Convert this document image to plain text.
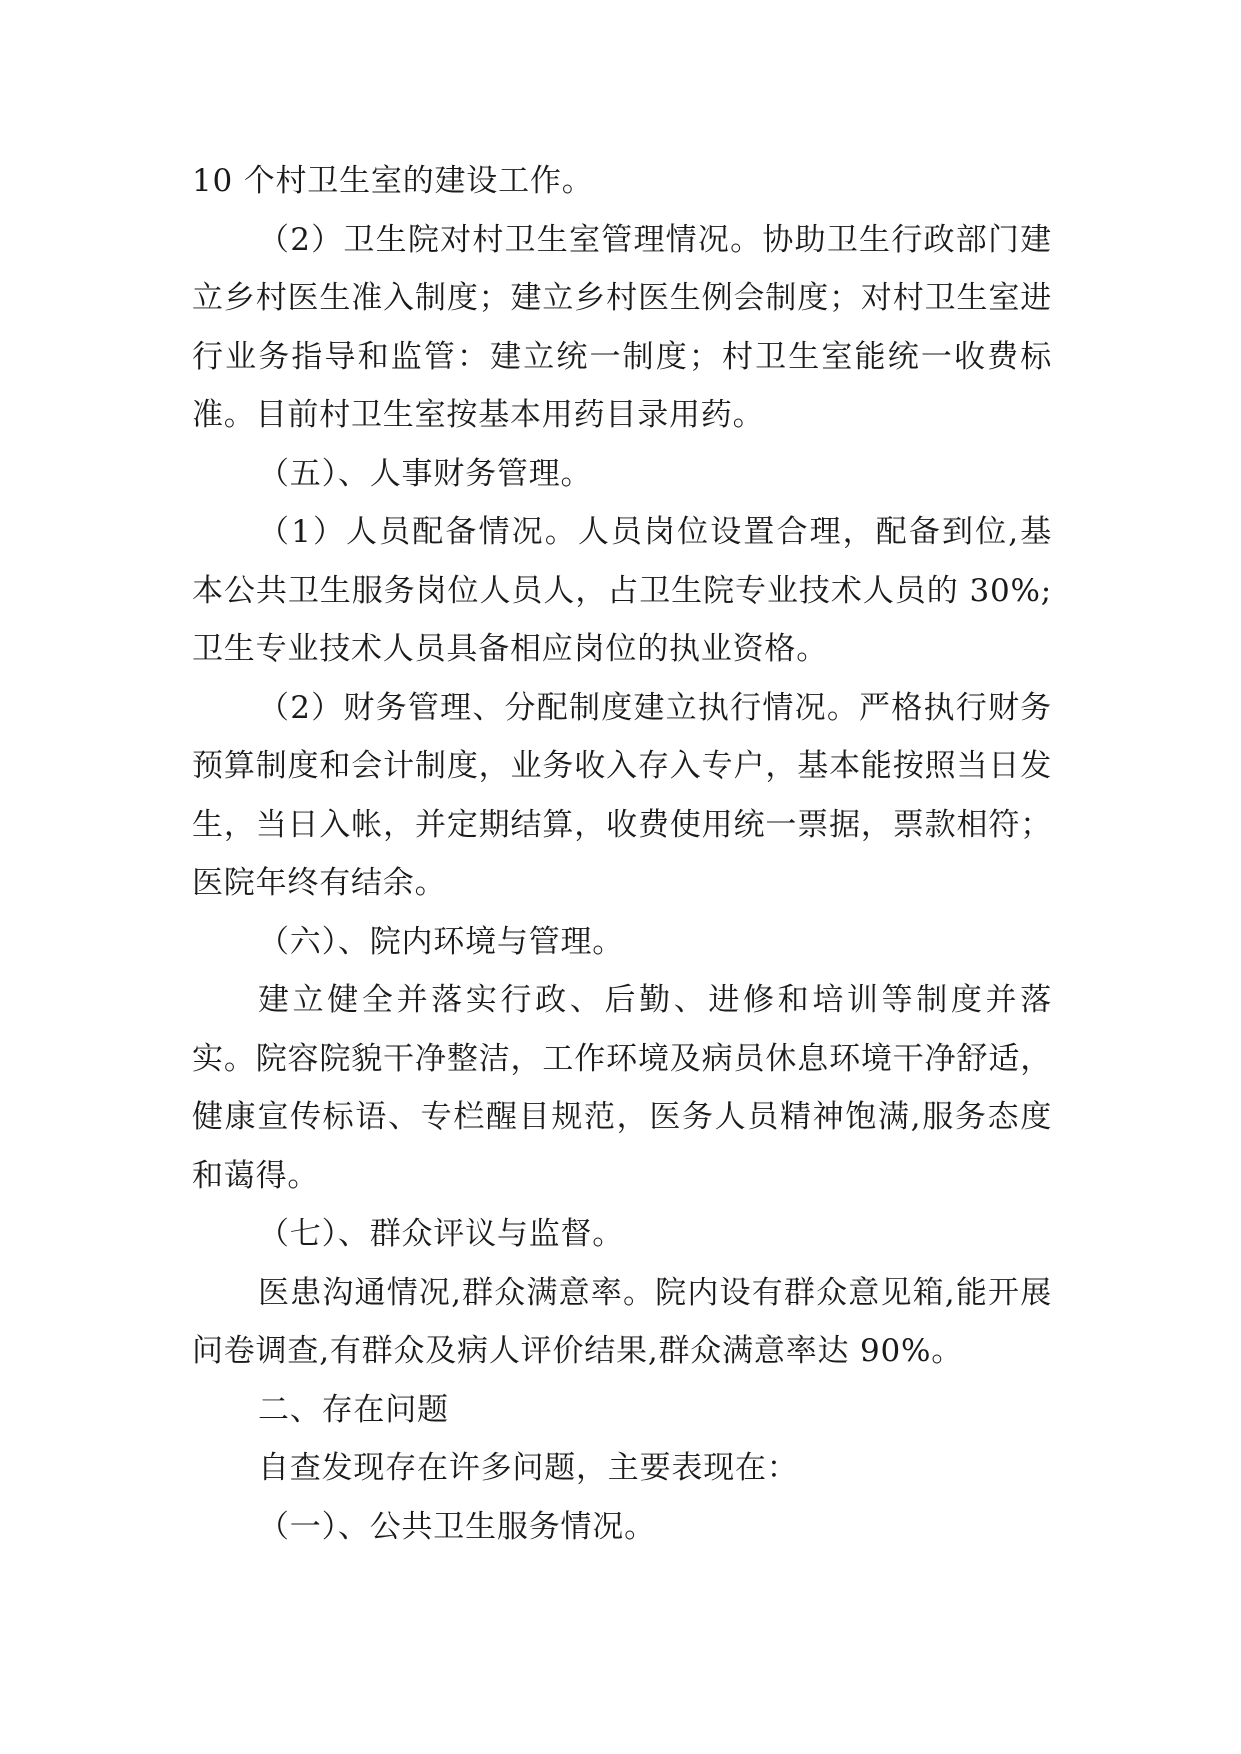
10 个村卫生室的建设工作。

（2）卫生院对村卫生室管理情况。协助卫生行政部门建立乡村医生准入制度；建立乡村医生例会制度；对村卫生室进行业务指导和监管：建立统一制度；村卫生室能统一收费标准。目前村卫生室按基本用药目录用药。

（五）、人事财务管理。

（1）人员配备情况。人员岗位设置合理，配备到位,基本公共卫生服务岗位人员人，占卫生院专业技术人员的 30%;卫生专业技术人员具备相应岗位的执业资格。

（2）财务管理、分配制度建立执行情况。严格执行财务预算制度和会计制度，业务收入存入专户，基本能按照当日发生，当日入帐，并定期结算，收费使用统一票据，票款相符；医院年终有结余。

（六）、院内环境与管理。

建立健全并落实行政、后勤、进修和培训等制度并落实。院容院貌干净整洁，工作环境及病员休息环境干净舒适，健康宣传标语、专栏醒目规范，医务人员精神饱满,服务态度和蔼得。

（七）、群众评议与监督。

医患沟通情况,群众满意率。院内设有群众意见箱,能开展问卷调查,有群众及病人评价结果,群众满意率达 90%。

二、存在问题

自查发现存在许多问题，主要表现在：

（一）、公共卫生服务情况。
